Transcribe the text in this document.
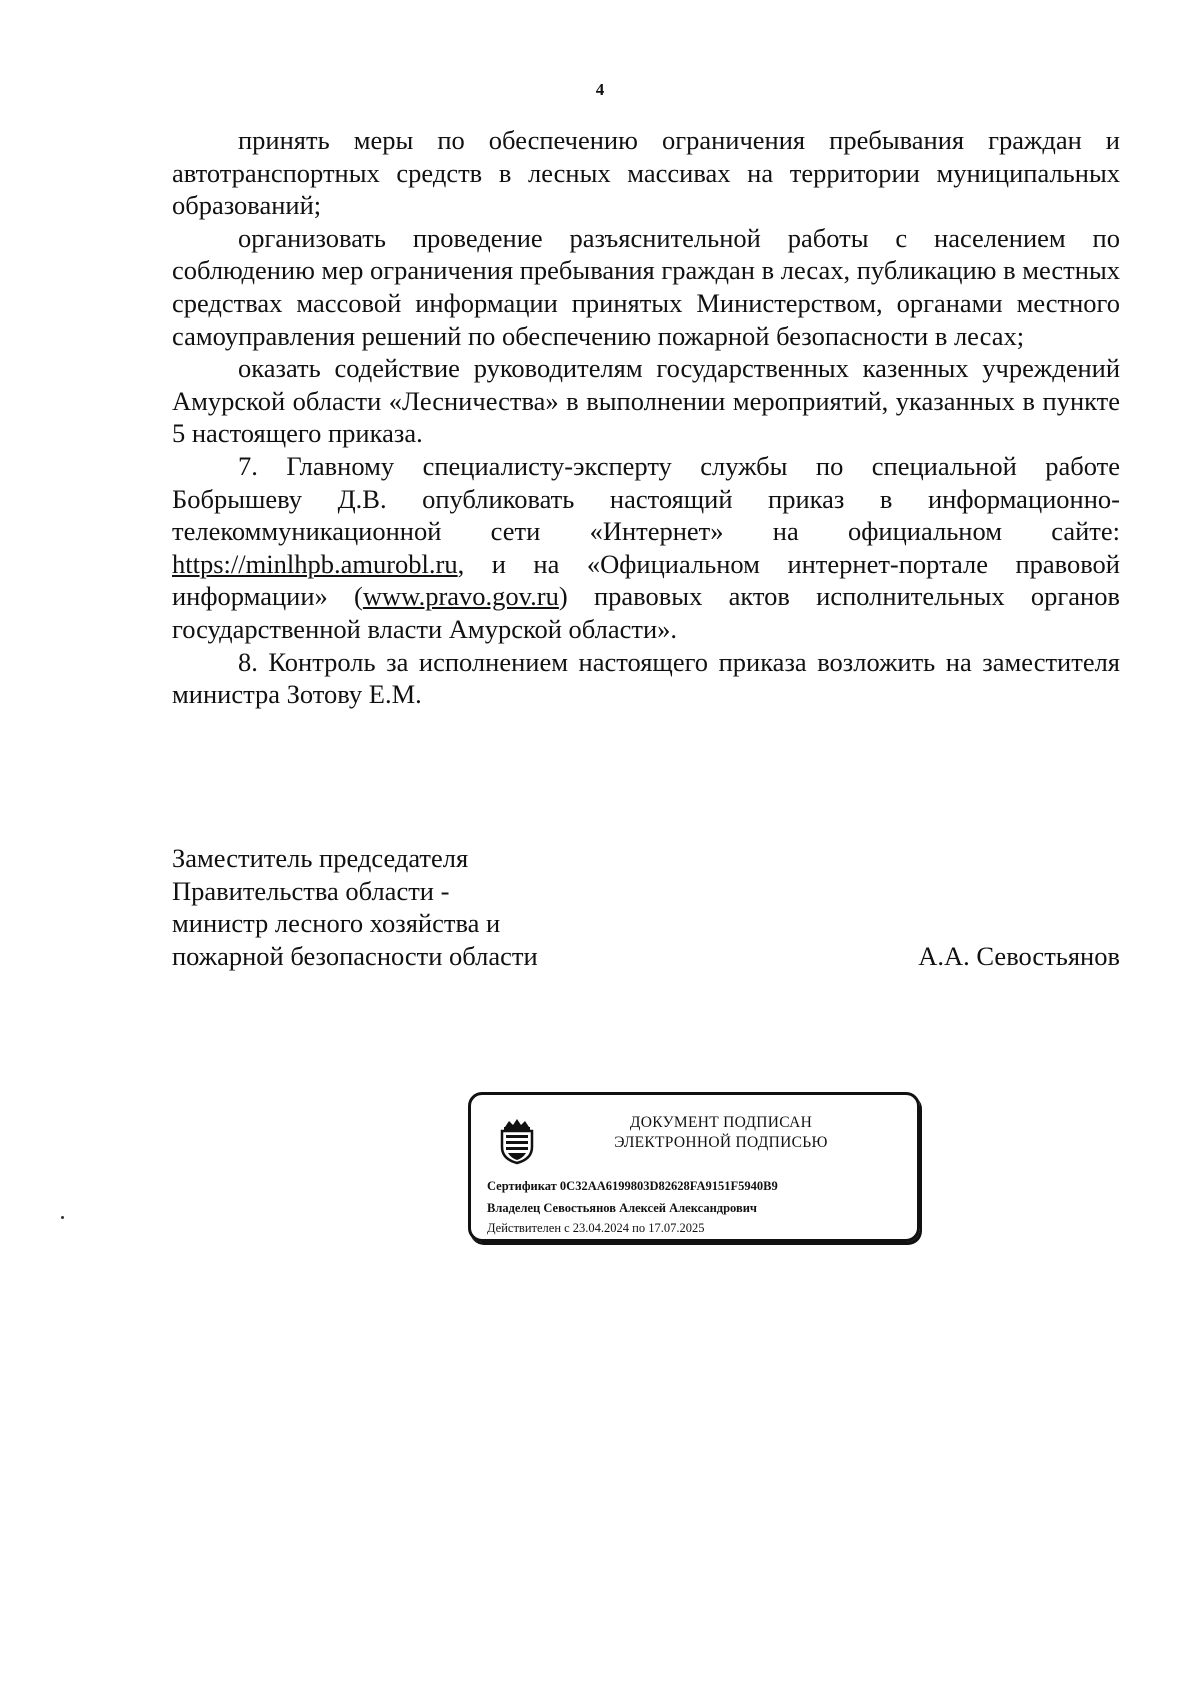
4

принять меры по обеспечению ограничения пребывания граждан и автотранспортных средств в лесных массивах на территории муниципальных образований;

организовать проведение разъяснительной работы с населением по соблюдению мер ограничения пребывания граждан в лесах, публикацию в местных средствах массовой информации принятых Министерством, органами местного самоуправления решений по обеспечению пожарной безопасности в лесах;

оказать содействие руководителям государственных казенных учреждений Амурской области «Лесничества» в выполнении мероприятий, указанных в пункте 5 настоящего приказа.

7. Главному специалисту-эксперту службы по специальной работе Бобрышеву Д.В. опубликовать настоящий приказ в информационно-телекоммуникационной сети «Интернет» на официальном сайте: https://minlhpb.amurobl.ru, и на «Официальном интернет-портале правовой информации» (www.pravo.gov.ru) правовых актов исполнительных органов государственной власти Амурской области».

8. Контроль за исполнением настоящего приказа возложить на заместителя министра Зотову Е.М.

Заместитель председателя
Правительства области -
министр лесного хозяйства и
пожарной безопасности области	А.А. Севостьянов
ДОКУМЕНТ ПОДПИСАН
ЭЛЕКТРОННОЙ ПОДПИСЬЮ
Сертификат 0C32AA6199803D82628FA9151F5940B9
Владелец Севостьянов Алексей Александрович
Действителен с 23.04.2024 по 17.07.2025
